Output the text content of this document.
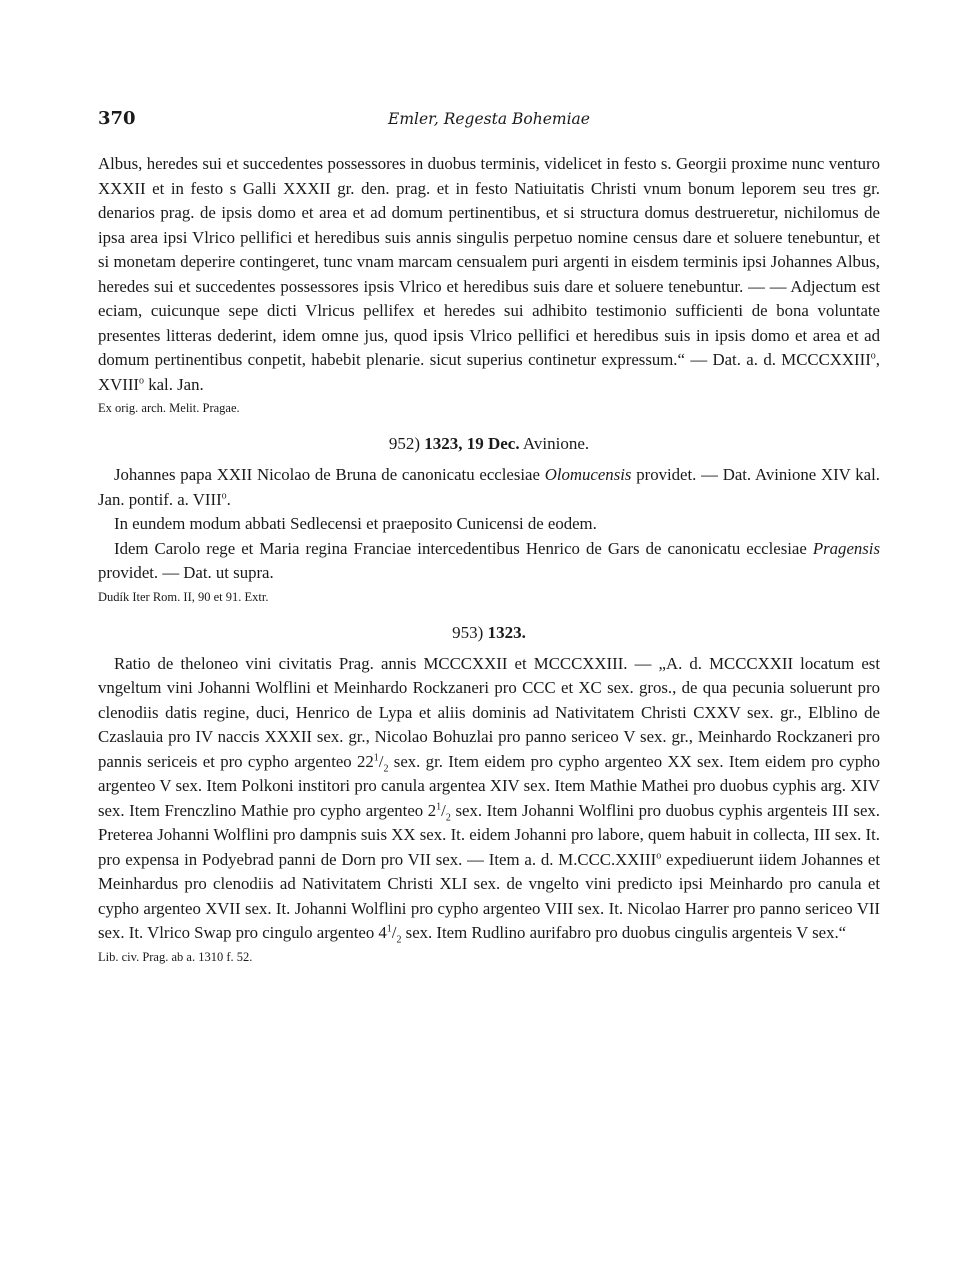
370	Emler, Regesta Bohemiae

Albus, heredes sui et succedentes possessores in duobus terminis, videlicet in festo s. Georgii proxime nunc venturo XXXII et in festo s Galli XXXII gr. den. prag. et in festo Natiuitatis Christi vnum bonum leporem seu tres gr. denarios prag. de ipsis domo et area et ad domum pertinentibus, et si structura domus destrueretur, nichilomus de ipsa area ipsi Vlrico pellifici et heredibus suis annis singulis perpetuo nomine census dare et soluere tenebuntur, et si monetam deperire contingeret, tunc vnam marcam censualem puri argenti in eisdem terminis ipsi Johannes Albus, heredes sui et succedentes possessores ipsis Vlrico et heredibus suis dare et soluere tenebuntur. — — Adjectum est eciam, cuicunque sepe dicti Vlricus pellifex et heredes sui adhibito testimonio sufficienti de bona voluntate presentes litteras dederint, idem omne jus, quod ipsis Vlrico pellifici et heredibus suis in ipsis domo et area et ad domum pertinentibus conpetit, habebit plenarie. sicut superius continetur expressum.“ — Dat. a. d. MCCCXXIII$^o$, XVIII$^o$ kal. Jan.

Ex orig. arch. Melit. Pragae.

952) 1323, 19 Dec. Avinione.

Johannes papa XXII Nicolao de Bruna de canonicatu ecclesiae Olomucensis providet. — Dat. Avinione XIV kal. Jan. pontif. a. VIII$^o$.

In eundem modum abbati Sedlecensi et praeposito Cunicensi de eodem.

Idem Carolo rege et Maria regina Franciae intercedentibus Henrico de Gars de canonicatu ecclesiae Pragensis providet. — Dat. ut supra.

Dudík Iter Rom. II, 90 et 91. Extr.

953) 1323.

Ratio de theloneo vini civitatis Prag. annis MCCCXXII et MCCCXXIII. — „A. d. MCCCXXII locatum est vngeltum vini Johanni Wolflini et Meinhardo Rockzaneri pro CCC et XC sex. gros., de qua pecunia soluerunt pro clenodiis datis regine, duci, Henrico de Lypa et aliis dominis ad Nativitatem Christi CXXV sex. gr., Elblino de Czaslauia pro IV naccis XXXII sex. gr., Nicolao Bohuzlai pro panno sericeo V sex. gr., Meinhardo Rockzaneri pro pannis sericeis et pro cypho argenteo $22^1/_2$ sex. gr. Item eidem pro cypho argenteo XX sex. Item eidem pro cypho argenteo V sex. Item Polkoni institori pro canula argentea XIV sex. Item Mathie Mathei pro duobus cyphis arg. XIV sex. Item Frenczlino Mathie pro cypho argenteo $2^1/_2$ sex. Item Johanni Wolflini pro duobus cyphis argenteis III sex. Preterea Johanni Wolflini pro dampnis suis XX sex. It. eidem Johanni pro labore, quem habuit in collecta, III sex. It. pro expensa in Podyebrad panni de Dorn pro VII sex. — Item a. d. M.CCC.XXIII$^o$ expediuerunt iidem Johannes et Meinhardus pro clenodiis ad Nativitatem Christi XLI sex. de vngelto vini predicto ipsi Meinhardo pro canula et cypho argenteo XVII sex. It. Johanni Wolflini pro cypho argenteo VIII sex. It. Nicolao Harrer pro panno sericeo VII sex. It. Vlrico Swap pro cingulo argenteo $4^1/_2$ sex. Item Rudlino aurifabro pro duobus cingulis argenteis V sex.“

Lib. civ. Prag. ab a. 1310 f. 52.
